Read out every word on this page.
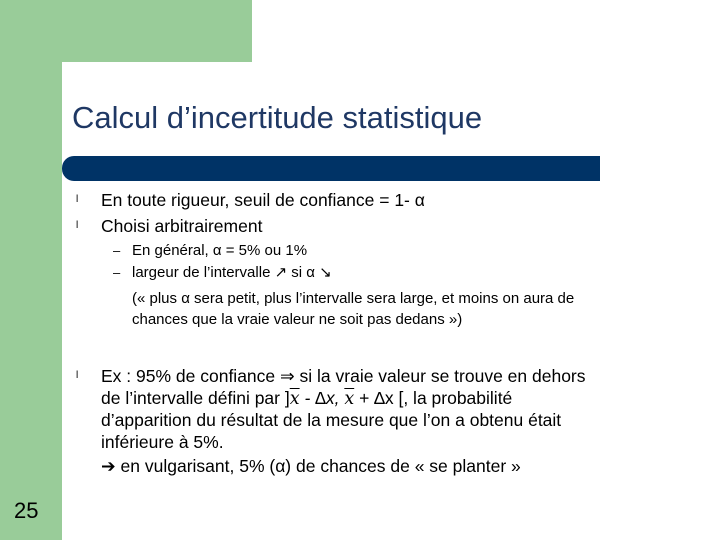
Calcul d’incertitude statistique
l En toute rigueur, seuil de confiance = 1- α
l Choisi arbitrairement
– En général, α = 5% ou 1%
– largeur de l’intervalle ↗ si α ↘
(« plus α sera petit, plus l’intervalle sera large, et moins on aura de
chances que la vraie valeur ne soit pas dedans »)
l Ex : 95% de confiance ⇒ si la vraie valeur se trouve en dehors
de l’intervalle défini par ]$\overline{x} - \Delta x$, $\overline{x} + \Delta x$ [, la probabilité
d’apparition du résultat de la mesure que l’on a obtenu était
inférieure à 5%.
➔ en vulgarisant, 5% (α) de chances de « se planter »
25
